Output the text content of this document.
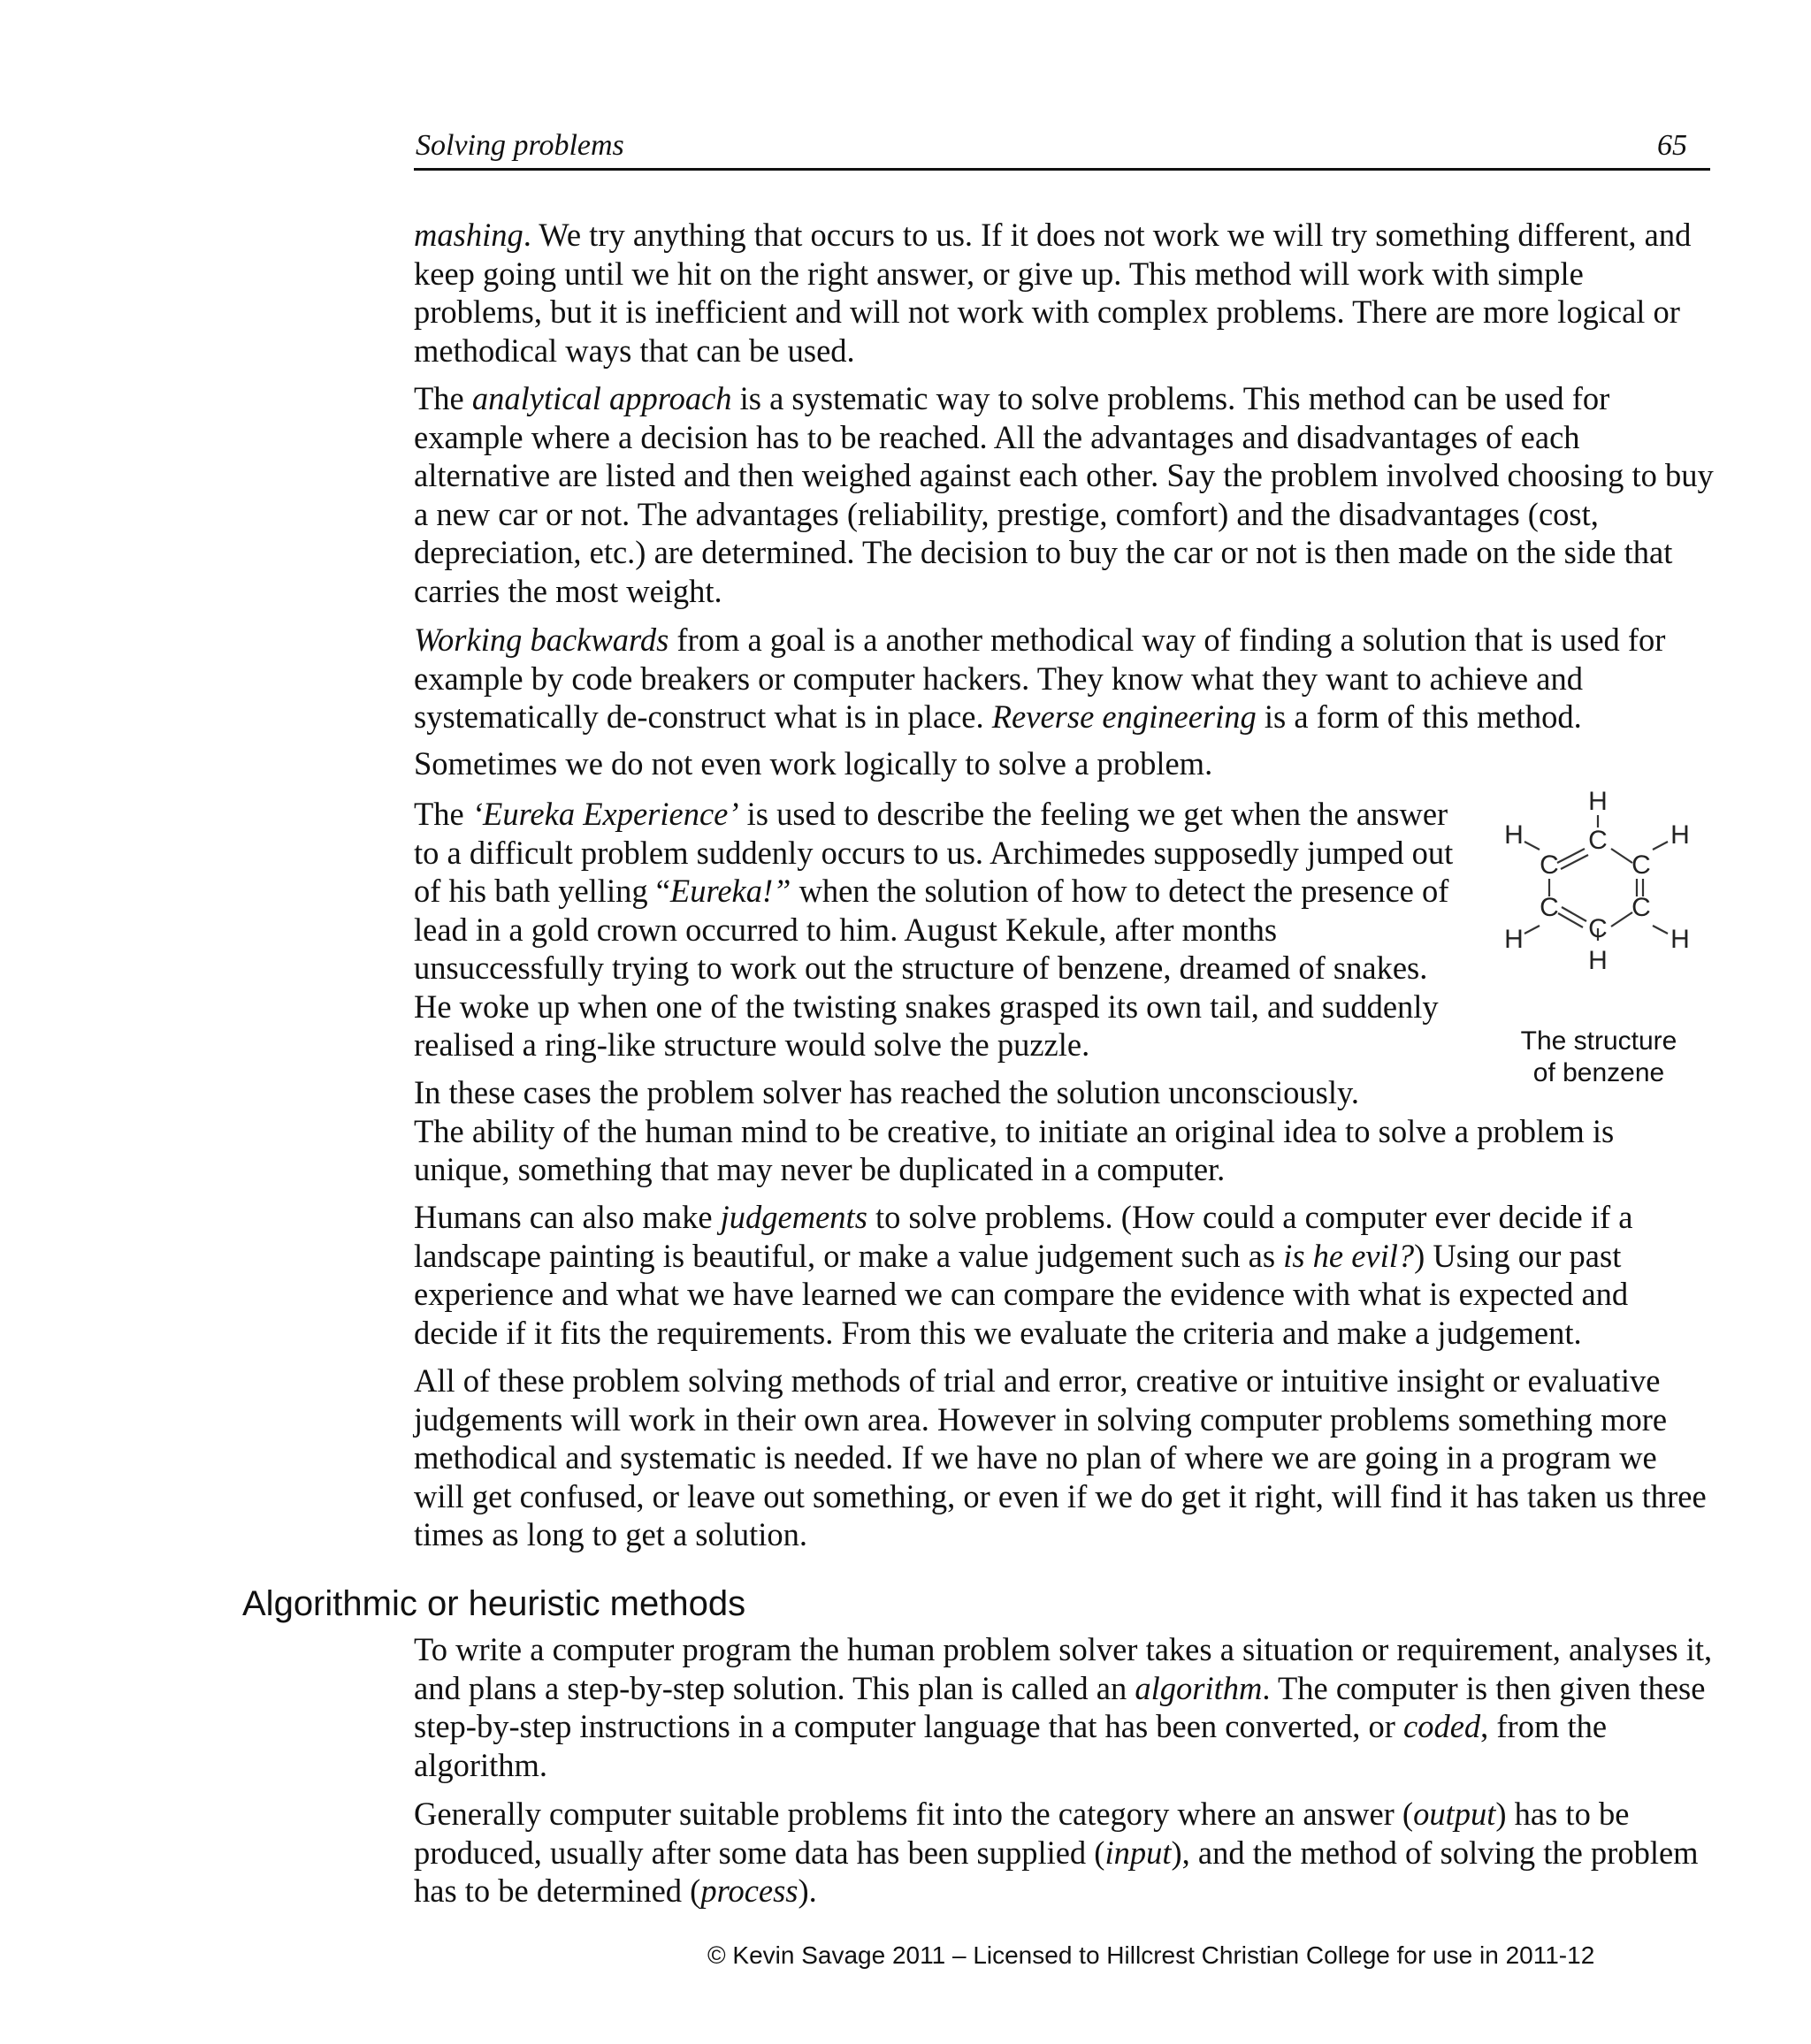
Solving problems	65

mashing. We try anything that occurs to us. If it does not work we will try something different, and keep going until we hit on the right answer, or give up. This method will work with simple problems, but it is inefficient and will not work with complex problems. There are more logical or methodical ways that can be used.

The analytical approach is a systematic way to solve problems. This method can be used for example where a decision has to be reached. All the advantages and disadvantages of each alternative are listed and then weighed against each other. Say the problem involved choosing to buy a new car or not. The advantages (reliability, prestige, comfort) and the disadvantages (cost, depreciation, etc.) are determined. The decision to buy the car or not is then made on the side that carries the most weight.

Working backwards from a goal is a another methodical way of finding a solution that is used for example by code breakers or computer hackers. They know what they want to achieve and systematically de-construct what is in place. Reverse engineering is a form of this method.

Sometimes we do not even work logically to solve a problem.

The ‘Eureka Experience’ is used to describe the feeling we get when the answer to a difficult problem suddenly occurs to us. Archimedes supposedly jumped out of his bath yelling “Eureka!” when the solution of how to detect the presence of lead in a gold crown occurred to him. August Kekule, after months unsuccessfully trying to work out the structure of benzene, dreamed of snakes. He woke up when one of the twisting snakes grasped its own tail, and suddenly realised a ring-like structure would solve the puzzle.

H
C
C	C
C	C
C
H	H
H	H
H
The structure
of benzene

In these cases the problem solver has reached the solution unconsciously.
The ability of the human mind to be creative, to initiate an original idea to solve a problem is unique, something that may never be duplicated in a computer.

Humans can also make judgements to solve problems. (How could a computer ever decide if a landscape painting is beautiful, or make a value judgement such as is he evil?) Using our past experience and what we have learned we can compare the evidence with what is expected and decide if it fits the requirements. From this we evaluate the criteria and make a judgement.

All of these problem solving methods of trial and error, creative or intuitive insight or evaluative judgements will work in their own area. However in solving computer problems something more methodical and systematic is needed. If we have no plan of where we are going in a program we will get confused, or leave out something, or even if we do get it right, will find it has taken us three times as long to get a solution.

Algorithmic or heuristic methods

To write a computer program the human problem solver takes a situation or requirement, analyses it, and plans a step-by-step solution. This plan is called an algorithm. The computer is then given these step-by-step instructions in a computer language that has been converted, or coded, from the algorithm.

Generally computer suitable problems fit into the category where an answer (output) has to be produced, usually after some data has been supplied (input), and the method of solving the problem has to be determined (process).

© Kevin Savage 2011 – Licensed to Hillcrest Christian College for use in 2011-12
